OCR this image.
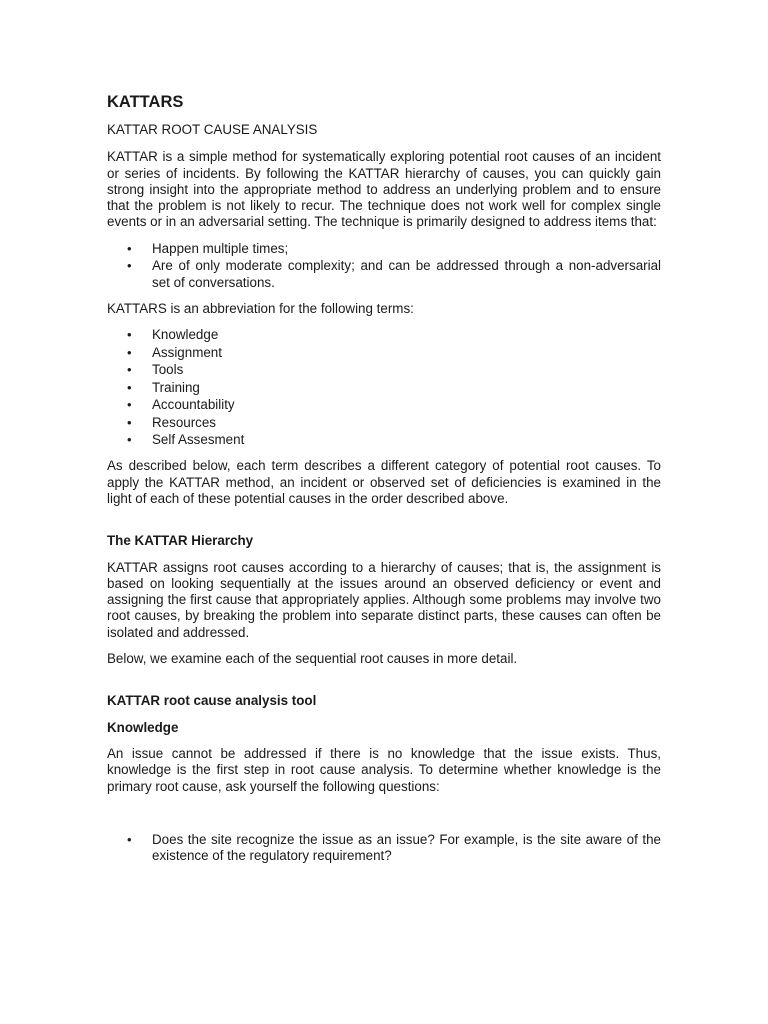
KATTARS
KATTAR ROOT CAUSE ANALYSIS

KATTAR is a simple method for systematically exploring potential root causes of an incident or series of incidents. By following the KATTAR hierarchy of causes, you can quickly gain strong insight into the appropriate method to address an underlying problem and to ensure that the problem is not likely to recur. The technique does not work well for complex single events or in an adversarial setting. The technique is primarily designed to address items that:

• Happen multiple times;
• Are of only moderate complexity; and can be addressed through a non-adversarial set of conversations.

KATTARS is an abbreviation for the following terms:

• Knowledge
• Assignment
• Tools
• Training
• Accountability
• Resources
• Self Assesment

As described below, each term describes a different category of potential root causes. To apply the KATTAR method, an incident or observed set of deficiencies is examined in the light of each of these potential causes in the order described above.

The KATTAR Hierarchy

KATTAR assigns root causes according to a hierarchy of causes; that is, the assignment is based on looking sequentially at the issues around an observed deficiency or event and assigning the first cause that appropriately applies. Although some problems may involve two root causes, by breaking the problem into separate distinct parts, these causes can often be isolated and addressed.

Below, we examine each of the sequential root causes in more detail.

KATTAR root cause analysis tool
Knowledge

An issue cannot be addressed if there is no knowledge that the issue exists. Thus, knowledge is the first step in root cause analysis. To determine whether knowledge is the primary root cause, ask yourself the following questions:

• Does the site recognize the issue as an issue? For example, is the site aware of the existence of the regulatory requirement?
